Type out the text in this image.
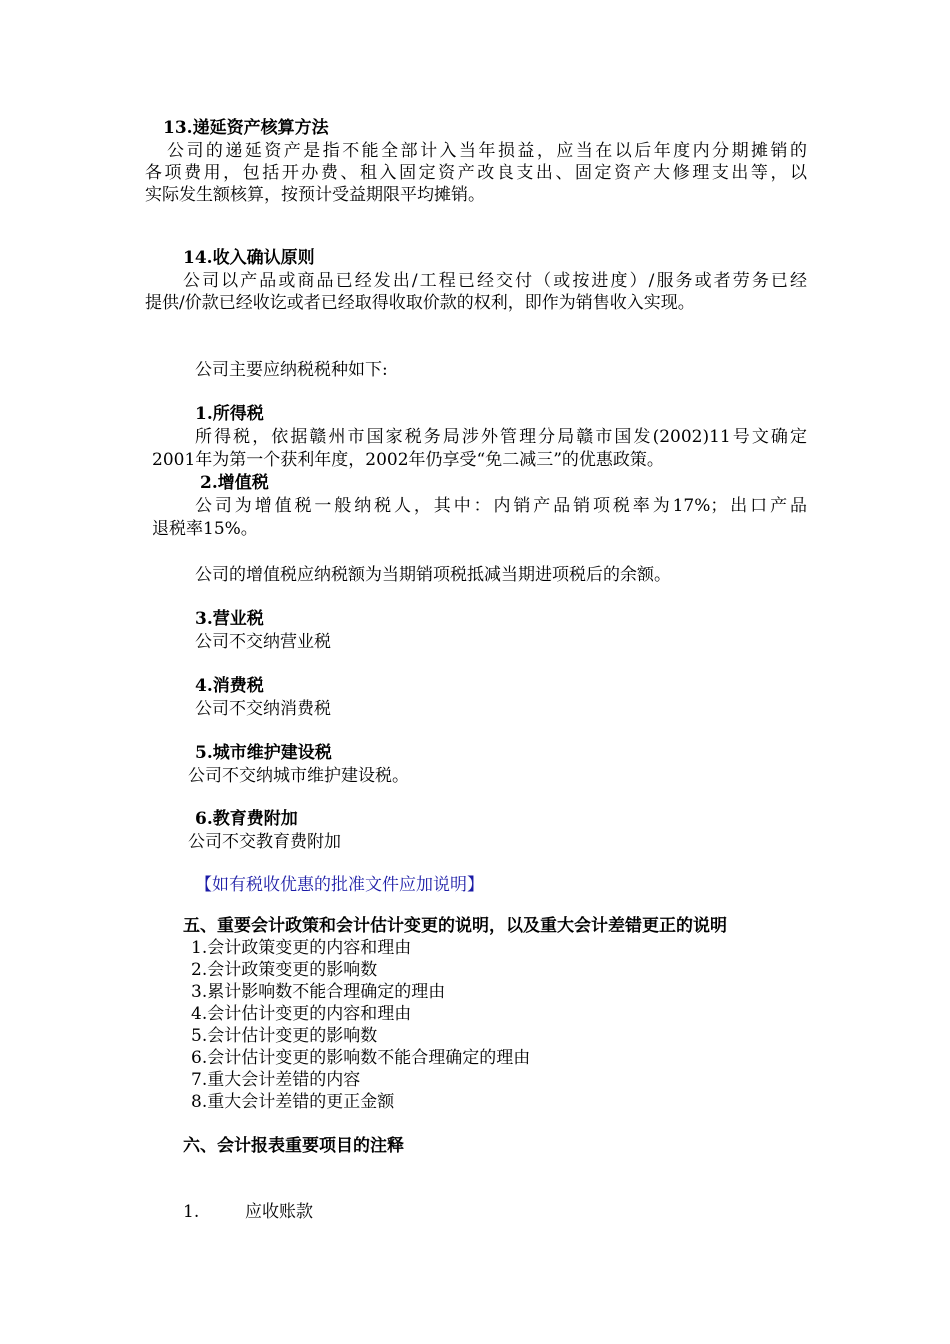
13.递延资产核算方法
公司的递延资产是指不能全部计入当年损益，应当在以后年度内分期摊销的
各项费用，包括开办费、租入固定资产改良支出、固定资产大修理支出等，以
实际发生额核算，按预计受益期限平均摊销。
14.收入确认原则
公司以产品或商品已经发出/工程已经交付（或按进度）/服务或者劳务已经
提供/价款已经收讫或者已经取得收取价款的权利，即作为销售收入实现。
公司主要应纳税税种如下:
1.所得税
所得税，依据赣州市国家税务局涉外管理分局赣市国发(2002)11号文确定
2001年为第一个获利年度，2002年仍享受“免二减三”的优惠政策。
2.增值税
公司为增值税一般纳税人，其中：内销产品销项税率为17%；出口产品
退税率15%。
公司的增值税应纳税额为当期销项税抵减当期进项税后的余额。
3.营业税
公司不交纳营业税
4.消费税
公司不交纳消费税
5.城市维护建设税
公司不交纳城市维护建设税。
6.教育费附加
公司不交教育费附加
【如有税收优惠的批准文件应加说明】
五、重要会计政策和会计估计变更的说明，以及重大会计差错更正的说明
1.会计政策变更的内容和理由
2.会计政策变更的影响数
3.累计影响数不能合理确定的理由
4.会计估计变更的内容和理由
5.会计估计变更的影响数
6.会计估计变更的影响数不能合理确定的理由
7.重大会计差错的内容
8.重大会计差错的更正金额
六、会计报表重要项目的注释
1.	应收账款
